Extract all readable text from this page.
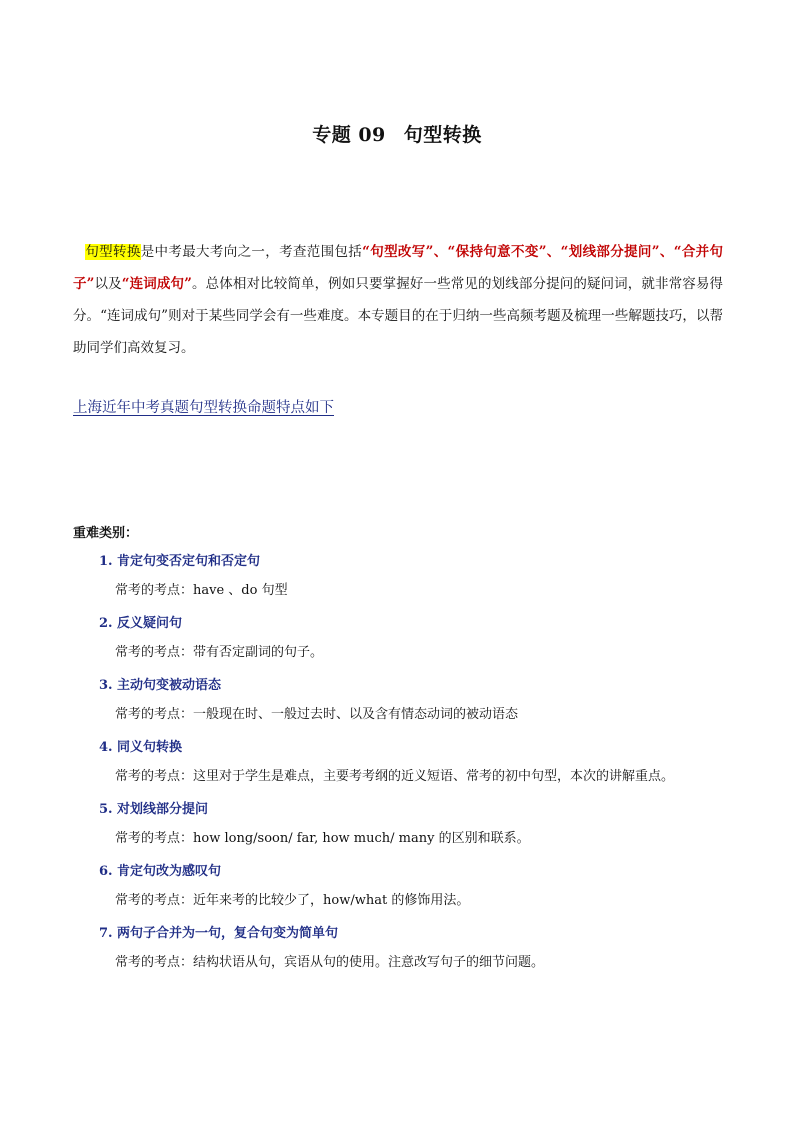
专题 09 句型转换
句型转换是中考最大考向之一，考查范围包括“句型改写”、“保持句意不变”、“划线部分提问”、“合并句子”以及“连词成句”。总体相对比较简单，例如只要掌握好一些常见的划线部分提问的疑问词，就非常容易得分。“连词成句”则对于某些同学会有一些难度。本专题目的在于归纳一些高频考题及梳理一些解题技巧，以帮助同学们高效复习。
上海近年中考真题句型转换命题特点如下
重难类别：
1. 肯定句变否定句和否定句
常考的考点：have 、do 句型
2. 反义疑问句
常考的考点：带有否定副词的句子。
3. 主动句变被动语态
常考的考点：一般现在时、一般过去时、以及含有情态动词的被动语态
4. 同义句转换
常考的考点：这里对于学生是难点，主要考考纲的近义短语、常考的初中句型，本次的讲解重点。
5. 对划线部分提问
常考的考点：how long/soon/ far, how much/ many 的区别和联系。
6. 肯定句改为感叹句
常考的考点：近年来考的比较少了，how/what 的修饰用法。
7. 两句子合并为一句，复合句变为简单句
常考的考点：结构状语从句，宾语从句的使用。注意改写句子的细节问题。
